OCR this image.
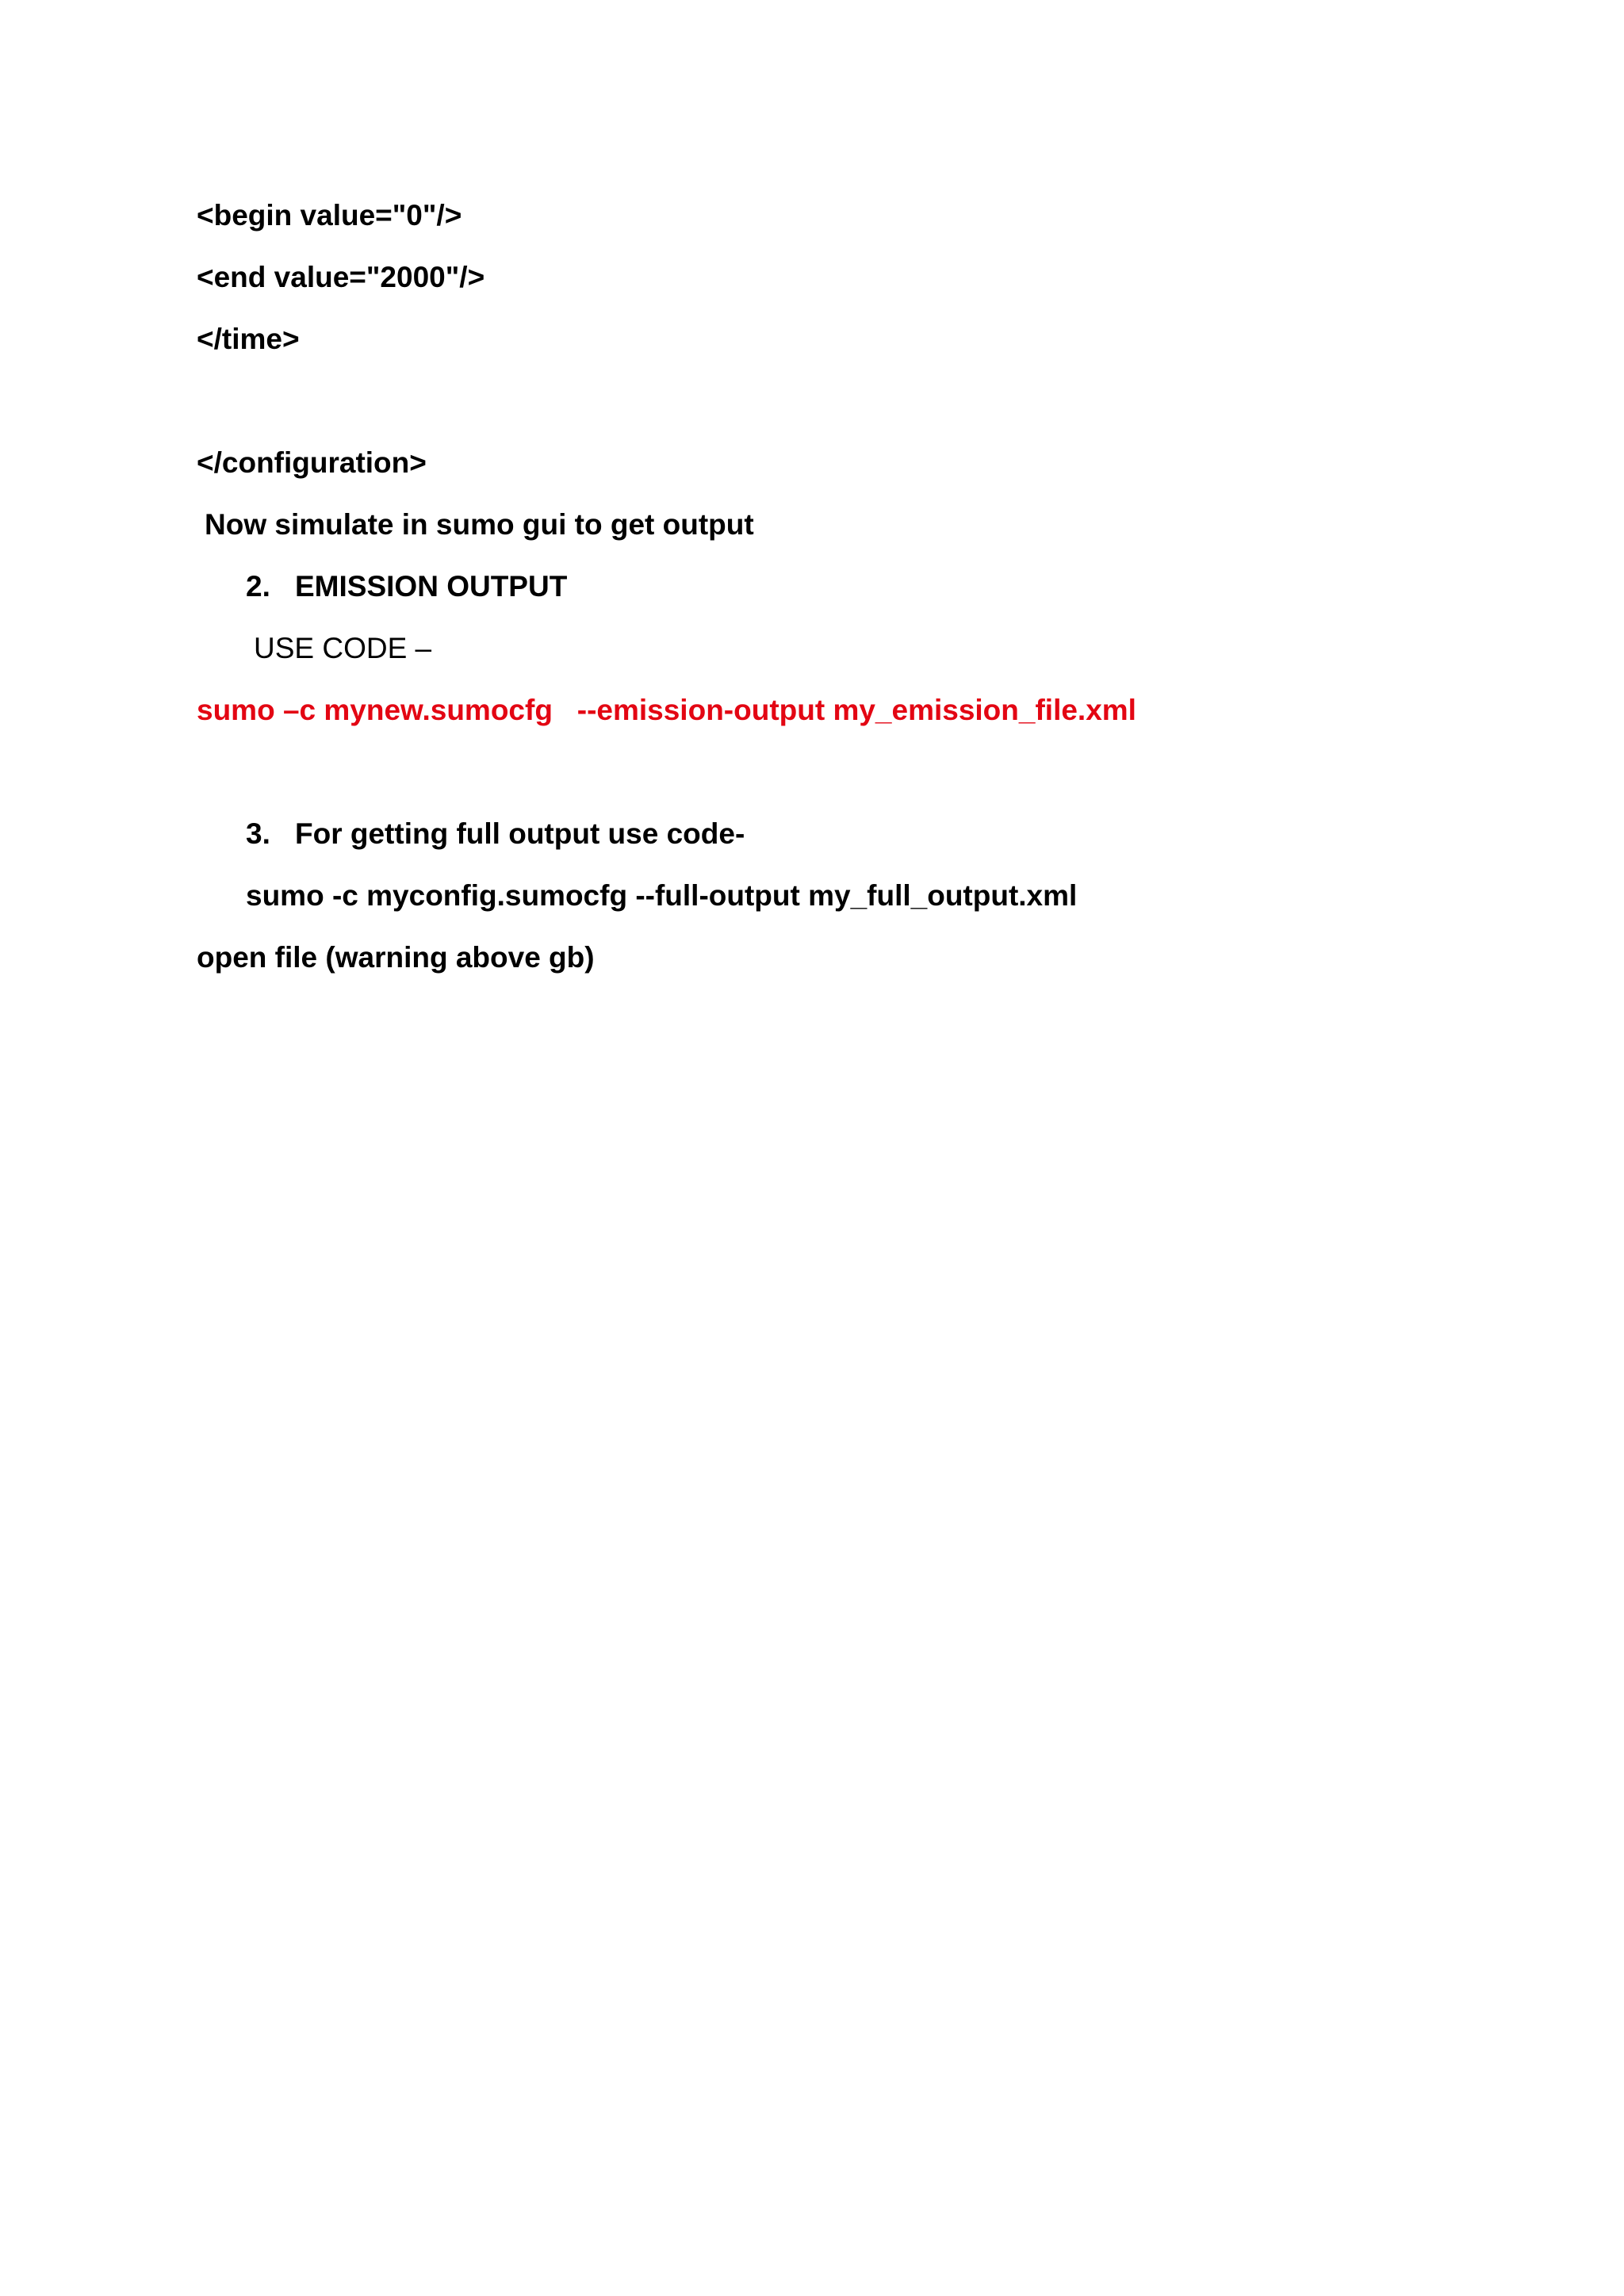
<begin value="0"/>
<end value="2000"/>
</time>
</configuration>
Now simulate in sumo gui to get output
2. EMISSION OUTPUT
USE CODE –
sumo –c mynew.sumocfg   --emission-output my_emission_file.xml
3. For getting full output use code-
sumo -c myconfig.sumocfg --full-output my_full_output.xml
open file (warning above gb)
